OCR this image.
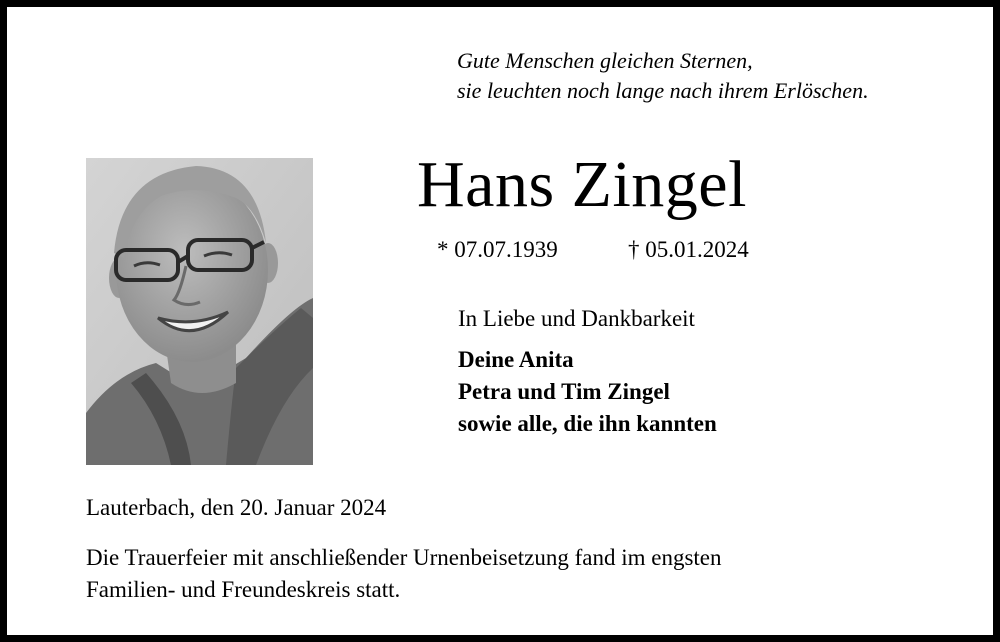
Gute Menschen gleichen Sternen,
sie leuchten noch lange nach ihrem Erlöschen.
Hans Zingel
* 07.07.1939	† 05.01.2024
In Liebe und Dankbarkeit
Deine Anita
Petra und Tim Zingel
sowie alle, die ihn kannten
Lauterbach, den 20. Januar 2024
Die Trauerfeier mit anschließender Urnenbeisetzung fand im engsten
Familien- und Freundeskreis statt.
